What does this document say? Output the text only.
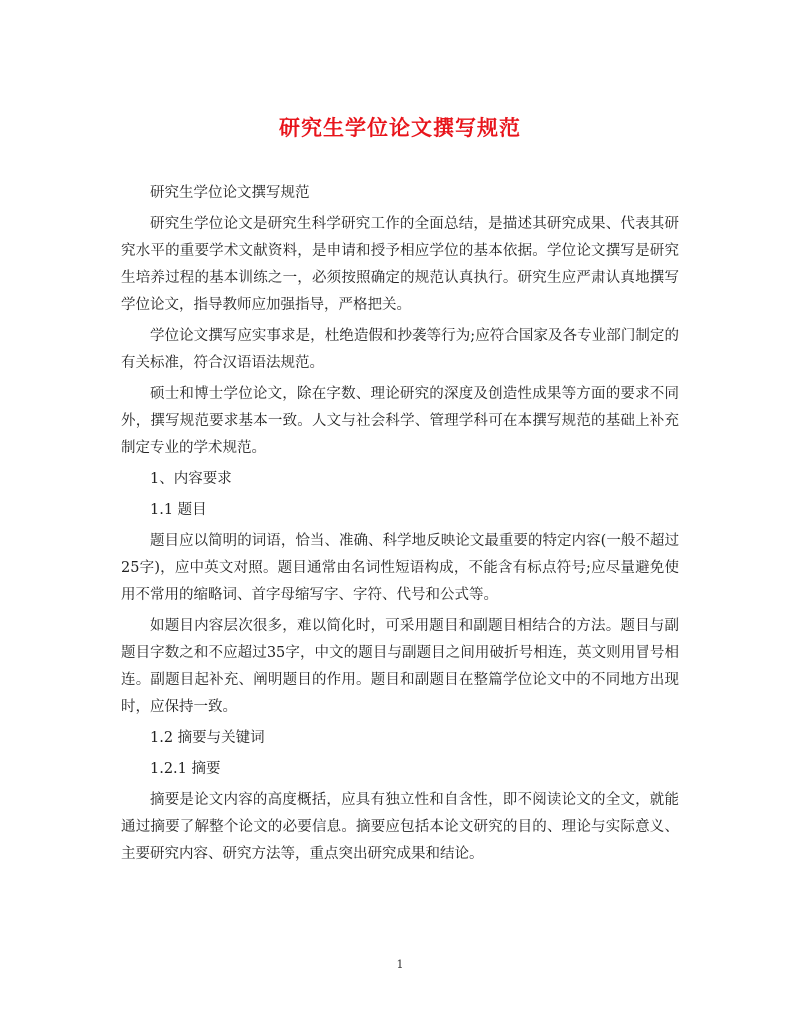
研究生学位论文撰写规范

研究生学位论文撰写规范

研究生学位论文是研究生科学研究工作的全面总结，是描述其研究成果、代表其研究水平的重要学术文献资料，是申请和授予相应学位的基本依据。学位论文撰写是研究生培养过程的基本训练之一，必须按照确定的规范认真执行。研究生应严肃认真地撰写学位论文，指导教师应加强指导，严格把关。

学位论文撰写应实事求是，杜绝造假和抄袭等行为;应符合国家及各专业部门制定的有关标准，符合汉语语法规范。

硕士和博士学位论文，除在字数、理论研究的深度及创造性成果等方面的要求不同外，撰写规范要求基本一致。人文与社会科学、管理学科可在本撰写规范的基础上补充制定专业的学术规范。

1、内容要求

1.1 题目

题目应以简明的词语，恰当、准确、科学地反映论文最重要的特定内容(一般不超过25字)，应中英文对照。题目通常由名词性短语构成，不能含有标点符号;应尽量避免使用不常用的缩略词、首字母缩写字、字符、代号和公式等。

如题目内容层次很多，难以简化时，可采用题目和副题目相结合的方法。题目与副题目字数之和不应超过35字，中文的题目与副题目之间用破折号相连，英文则用冒号相连。副题目起补充、阐明题目的作用。题目和副题目在整篇学位论文中的不同地方出现时，应保持一致。

1.2 摘要与关键词

1.2.1 摘要

摘要是论文内容的高度概括，应具有独立性和自含性，即不阅读论文的全文，就能通过摘要了解整个论文的必要信息。摘要应包括本论文研究的目的、理论与实际意义、主要研究内容、研究方法等，重点突出研究成果和结论。

1
